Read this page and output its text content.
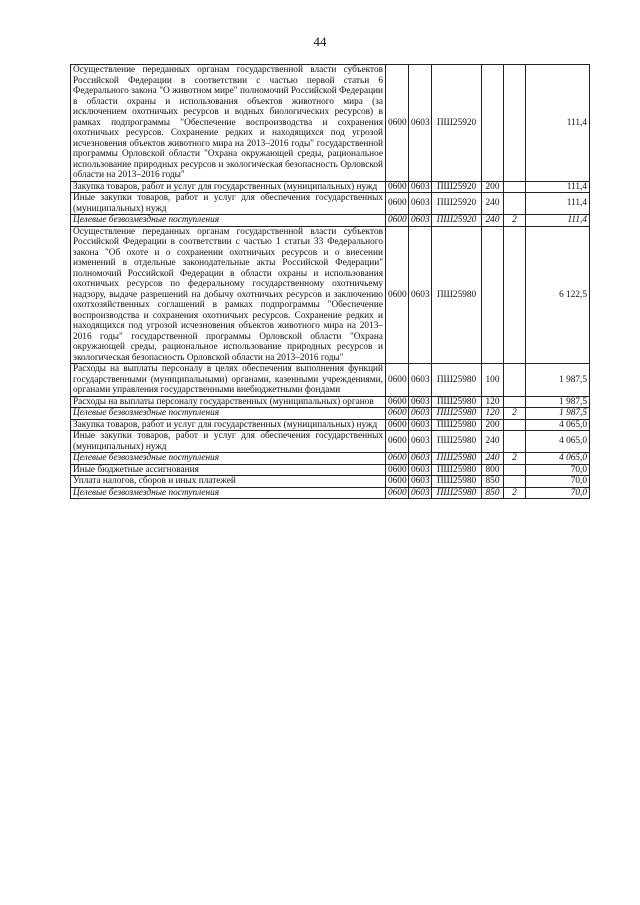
44
Осуществление переданных органам государственной власти субъектов Российской Федерации в соответствии с частью первой статьи 6 Федерального закона "О животном мире" полномочий Российской Федерации в области охраны и использования объектов животного мира (за исключением охотничьих ресурсов и водных биологических ресурсов) в рамках подпрограммы "Обеспечение воспроизводства и сохранения охотничьих ресурсов. Сохранение редких и находящихся под угрозой исчезновения объектов животного мира на 2013–2016 годы" государственной программы Орловской области "Охрана окружающей среды, рациональное использование природных ресурсов и экологическая безопасность Орловской области на 2013–2016 годы"	0600	0603	ПШ25920			111,4
Закупка товаров, работ и услуг для государственных (муниципальных) нужд	0600	0603	ПШ25920	200		111,4
Иные закупки товаров, работ и услуг для обеспечения государственных (муниципальных) нужд	0600	0603	ПШ25920	240		111,4
Целевые безвозмездные поступления	0600	0603	ПШ25920	240	2	111,4
Осуществление переданных органам государственной власти субъектов Российской Федерации в соответствии с частью 1 статьи 33 Федерального закона "Об охоте и о сохранении охотничьих ресурсов и о внесении изменений в отдельные законодательные акты Российской Федерации" полномочий Российской Федерации в области охраны и использования охотничьих ресурсов по федеральному государственному охотничьему надзору, выдаче разрешений на добычу охотничьих ресурсов и заключению охотхозяйственных соглашений в рамках подпрограммы "Обеспечение воспроизводства и сохранения охотничьих ресурсов. Сохранение редких и находящихся под угрозой исчезновения объектов животного мира на 2013–2016 годы" государственной программы Орловской области "Охрана окружающей среды, рациональное использование природных ресурсов и экологическая безопасность Орловской области на 2013–2016 годы"	0600	0603	ПШ25980			6 122,5
Расходы на выплаты персоналу в целях обеспечения выполнения функций государственными (муниципальными) органами, казенными учреждениями, органами управления государственными внебюджетными фондами	0600	0603	ПШ25980	100		1 987,5
Расходы на выплаты персоналу государственных (муниципальных) органов	0600	0603	ПШ25980	120		1 987,5
Целевые безвозмездные поступления	0600	0603	ПШ25980	120	2	1 987,5
Закупка товаров, работ и услуг для государственных (муниципальных) нужд	0600	0603	ПШ25980	200		4 065,0
Иные закупки товаров, работ и услуг для обеспечения государственных (муниципальных) нужд	0600	0603	ПШ25980	240		4 065,0
Целевые безвозмездные поступления	0600	0603	ПШ25980	240	2	4 065,0
Иные бюджетные ассигнования	0600	0603	ПШ25980	800		70,0
Уплата налогов, сборов и иных платежей	0600	0603	ПШ25980	850		70,0
Целевые безвозмездные поступления	0600	0603	ПШ25980	850	2	70,0
